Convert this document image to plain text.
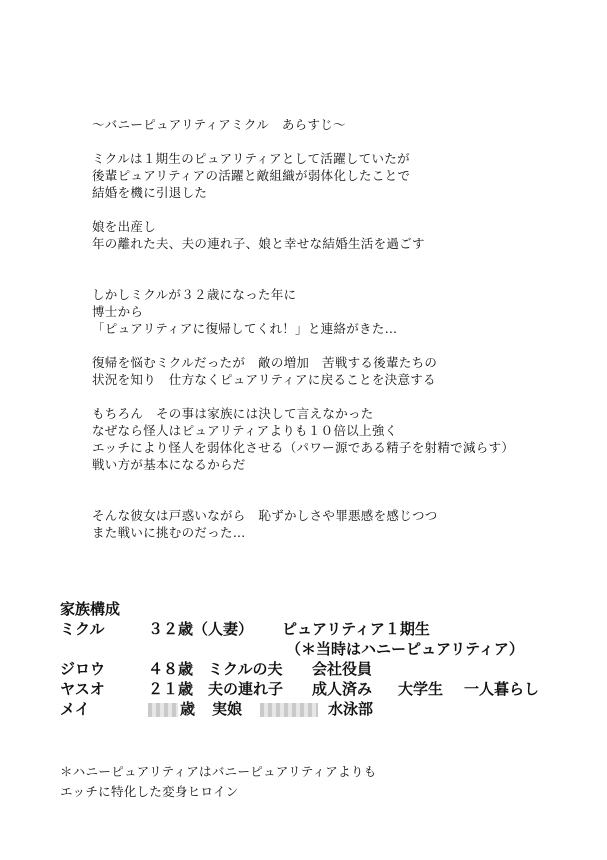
〜バニーピュアリティアミクル　あらすじ〜
ミクルは１期生のピュアリティアとして活躍していたが
後輩ピュアリティアの活躍と敵組織が弱体化したことで
結婚を機に引退した
娘を出産し
年の離れた夫、夫の連れ子、娘と幸せな結婚生活を過ごす
しかしミクルが３２歳になった年に
博士から
「ピュアリティアに復帰してくれ！」と連絡がきた…
復帰を悩むミクルだったが　敵の増加　苦戦する後輩たちの
状況を知り　仕方なくピュアリティアに戻ることを決意する
もちろん　その事は家族には決して言えなかった
なぜなら怪人はピュアリティアよりも１０倍以上強く
エッチにより怪人を弱体化させる（パワー源である精子を射精で減らす）
戦い方が基本になるからだ
そんな彼女は戸惑いながら　恥ずかしさや罪悪感を感じつつ
また戦いに挑むのだった…
家族構成
ミクル	３２歳（人妻） ピュアリティア１期生
（＊当時はハニーピュアリティア）
ジロウ	４８歳 ミクルの夫 会社役員
ヤスオ	２１歳 夫の連れ子 成人済み 大学生 一人暮らし
メイ	歳 実娘	水泳部
＊ハニーピュアリティアはバニーピュアリティアよりも
エッチに特化した変身ヒロイン
